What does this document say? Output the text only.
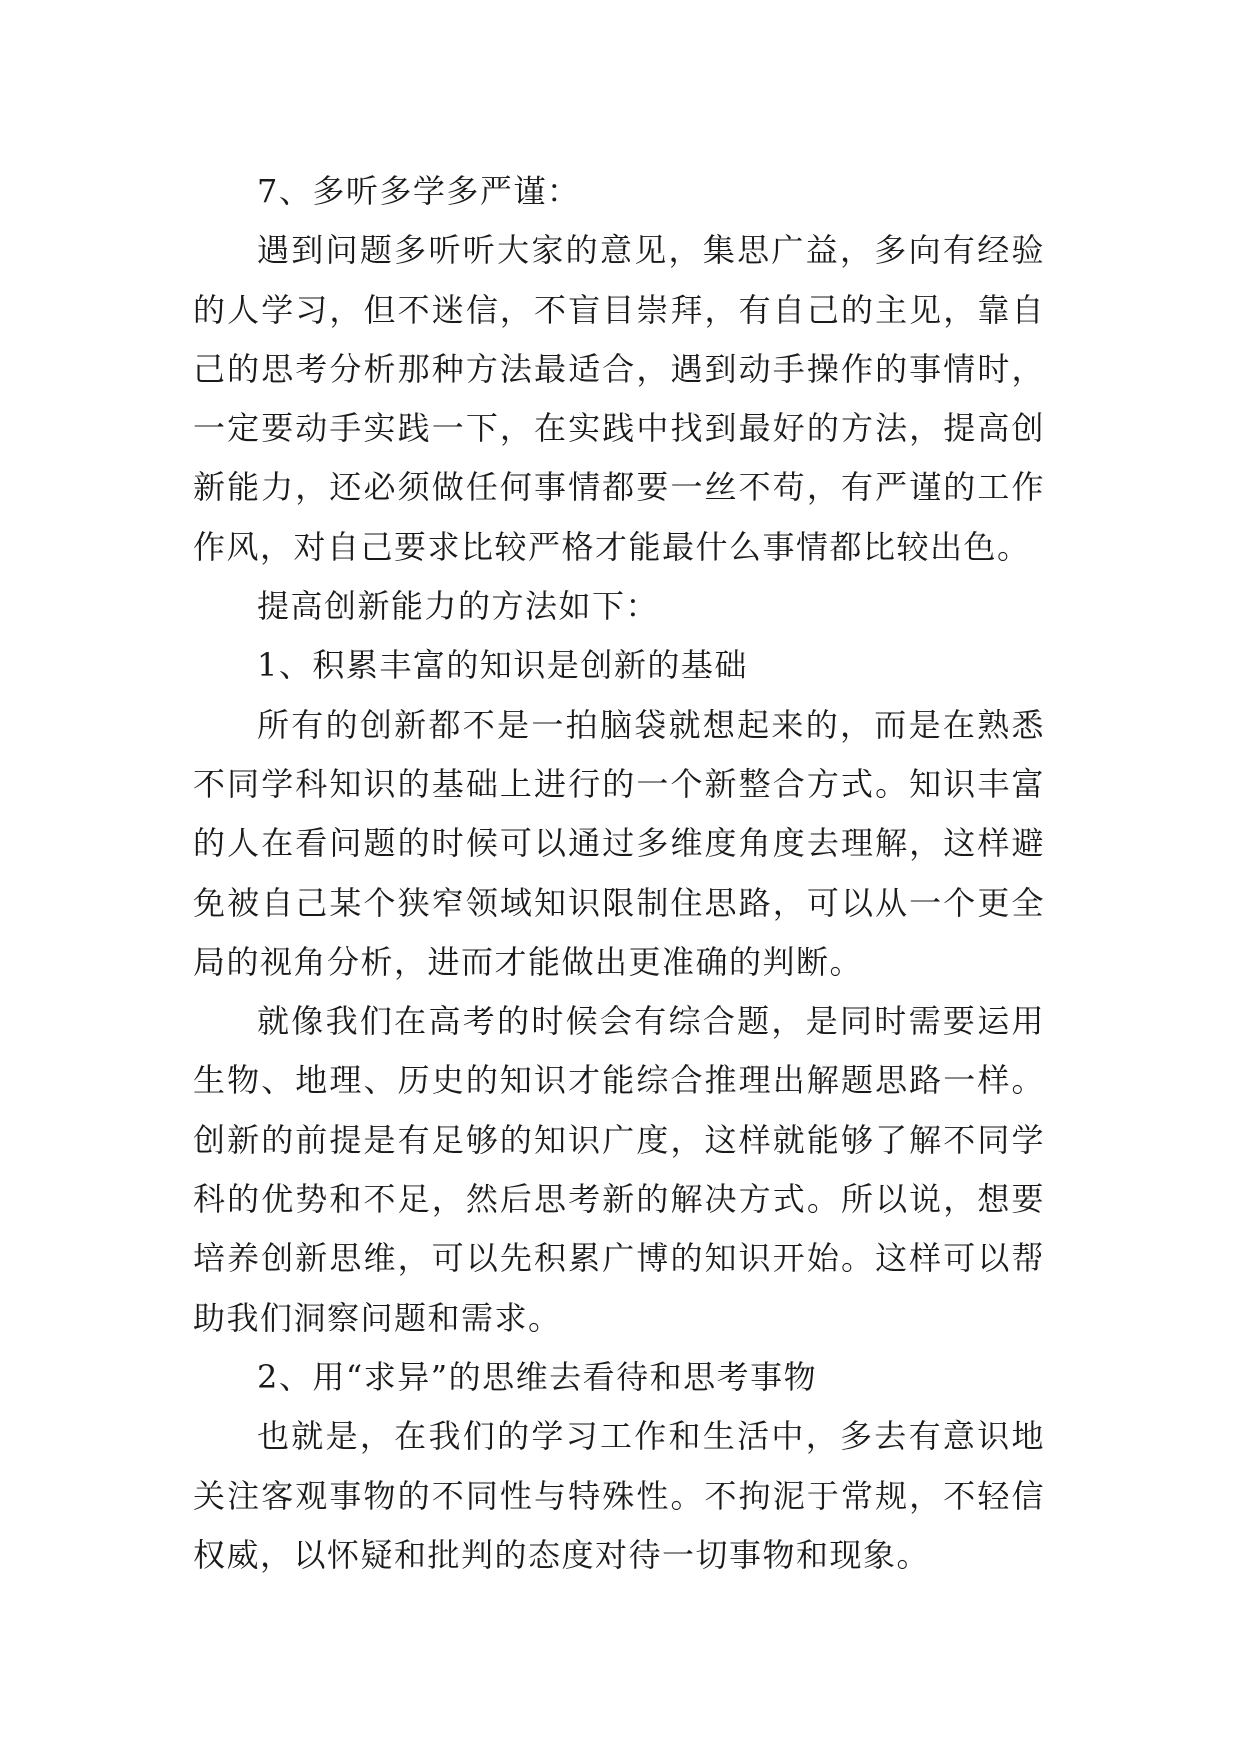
7、多听多学多严谨：

遇到问题多听听大家的意见，集思广益，多向有经验的人学习，但不迷信，不盲目崇拜，有自己的主见，靠自己的思考分析那种方法最适合，遇到动手操作的事情时，一定要动手实践一下，在实践中找到最好的方法，提高创新能力，还必须做任何事情都要一丝不苟，有严谨的工作作风，对自己要求比较严格才能最什么事情都比较出色。

提高创新能力的方法如下：

1、积累丰富的知识是创新的基础

所有的创新都不是一拍脑袋就想起来的，而是在熟悉不同学科知识的基础上进行的一个新整合方式。知识丰富的人在看问题的时候可以通过多维度角度去理解，这样避免被自己某个狭窄领域知识限制住思路，可以从一个更全局的视角分析，进而才能做出更准确的判断。

就像我们在高考的时候会有综合题，是同时需要运用生物、地理、历史的知识才能综合推理出解题思路一样。创新的前提是有足够的知识广度，这样就能够了解不同学科的优势和不足，然后思考新的解决方式。所以说，想要培养创新思维，可以先积累广博的知识开始。这样可以帮助我们洞察问题和需求。

2、用“求异”的思维去看待和思考事物

也就是，在我们的学习工作和生活中，多去有意识地关注客观事物的不同性与特殊性。不拘泥于常规，不轻信权威，以怀疑和批判的态度对待一切事物和现象。
